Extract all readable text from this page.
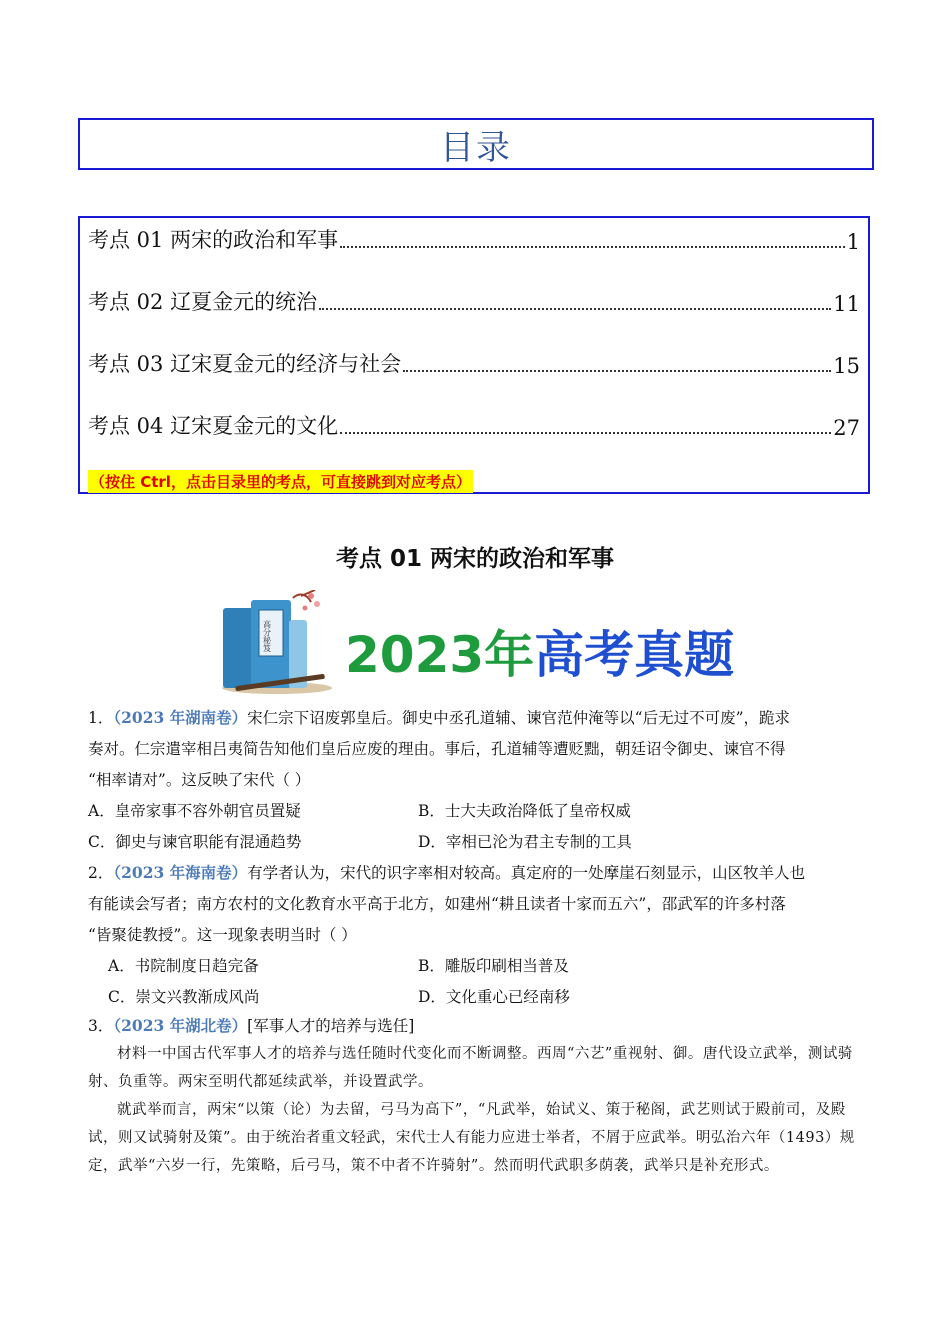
目录
考点 01 两宋的政治和军事	1
考点 02 辽夏金元的统治	11
考点 03 辽宋夏金元的经济与社会	15
考点 04 辽宋夏金元的文化	27
（按住 Ctrl，点击目录里的考点，可直接跳到对应考点）
考点 01 两宋的政治和军事
高分秘笈 2023年高考真题
1．（2023 年湖南卷）宋仁宗下诏废郭皇后。御史中丞孔道辅、谏官范仲淹等以“后无过不可废”，跪求
奏对。仁宗遣宰相吕夷简告知他们皇后应废的理由。事后，孔道辅等遭贬黜，朝廷诏令御史、谏官不得
“相率请对”。这反映了宋代（ ）
A．皇帝家事不容外朝官员置疑	B．士大夫政治降低了皇帝权威
C．御史与谏官职能有混通趋势	D．宰相已沦为君主专制的工具
2．（2023 年海南卷）有学者认为，宋代的识字率相对较高。真定府的一处摩崖石刻显示，山区牧羊人也
有能读会写者；南方农村的文化教育水平高于北方，如建州“耕且读者十家而五六”，邵武军的许多村落
“皆聚徒教授”。这一现象表明当时（ ）
A．书院制度日趋完备	B．雕版印刷相当普及
C．崇文兴教渐成风尚	D．文化重心已经南移
3．（2023 年湖北卷）[军事人才的培养与选任]
材料一中国古代军事人才的培养与选任随时代变化而不断调整。西周“六艺”重视射、御。唐代设立武举，测试骑射、负重等。两宋至明代都延续武举，并设置武学。
就武举而言，两宋“以策（论）为去留，弓马为高下”，“凡武举，始试义、策于秘阁，武艺则试于殿前司，及殿试，则又试骑射及策”。由于统治者重文轻武，宋代士人有能力应进士举者，不屑于应武举。明弘治六年（1493）规定，武举“六岁一行，先策略，后弓马，策不中者不许骑射”。然而明代武职多荫袭，武举只是补充形式。
